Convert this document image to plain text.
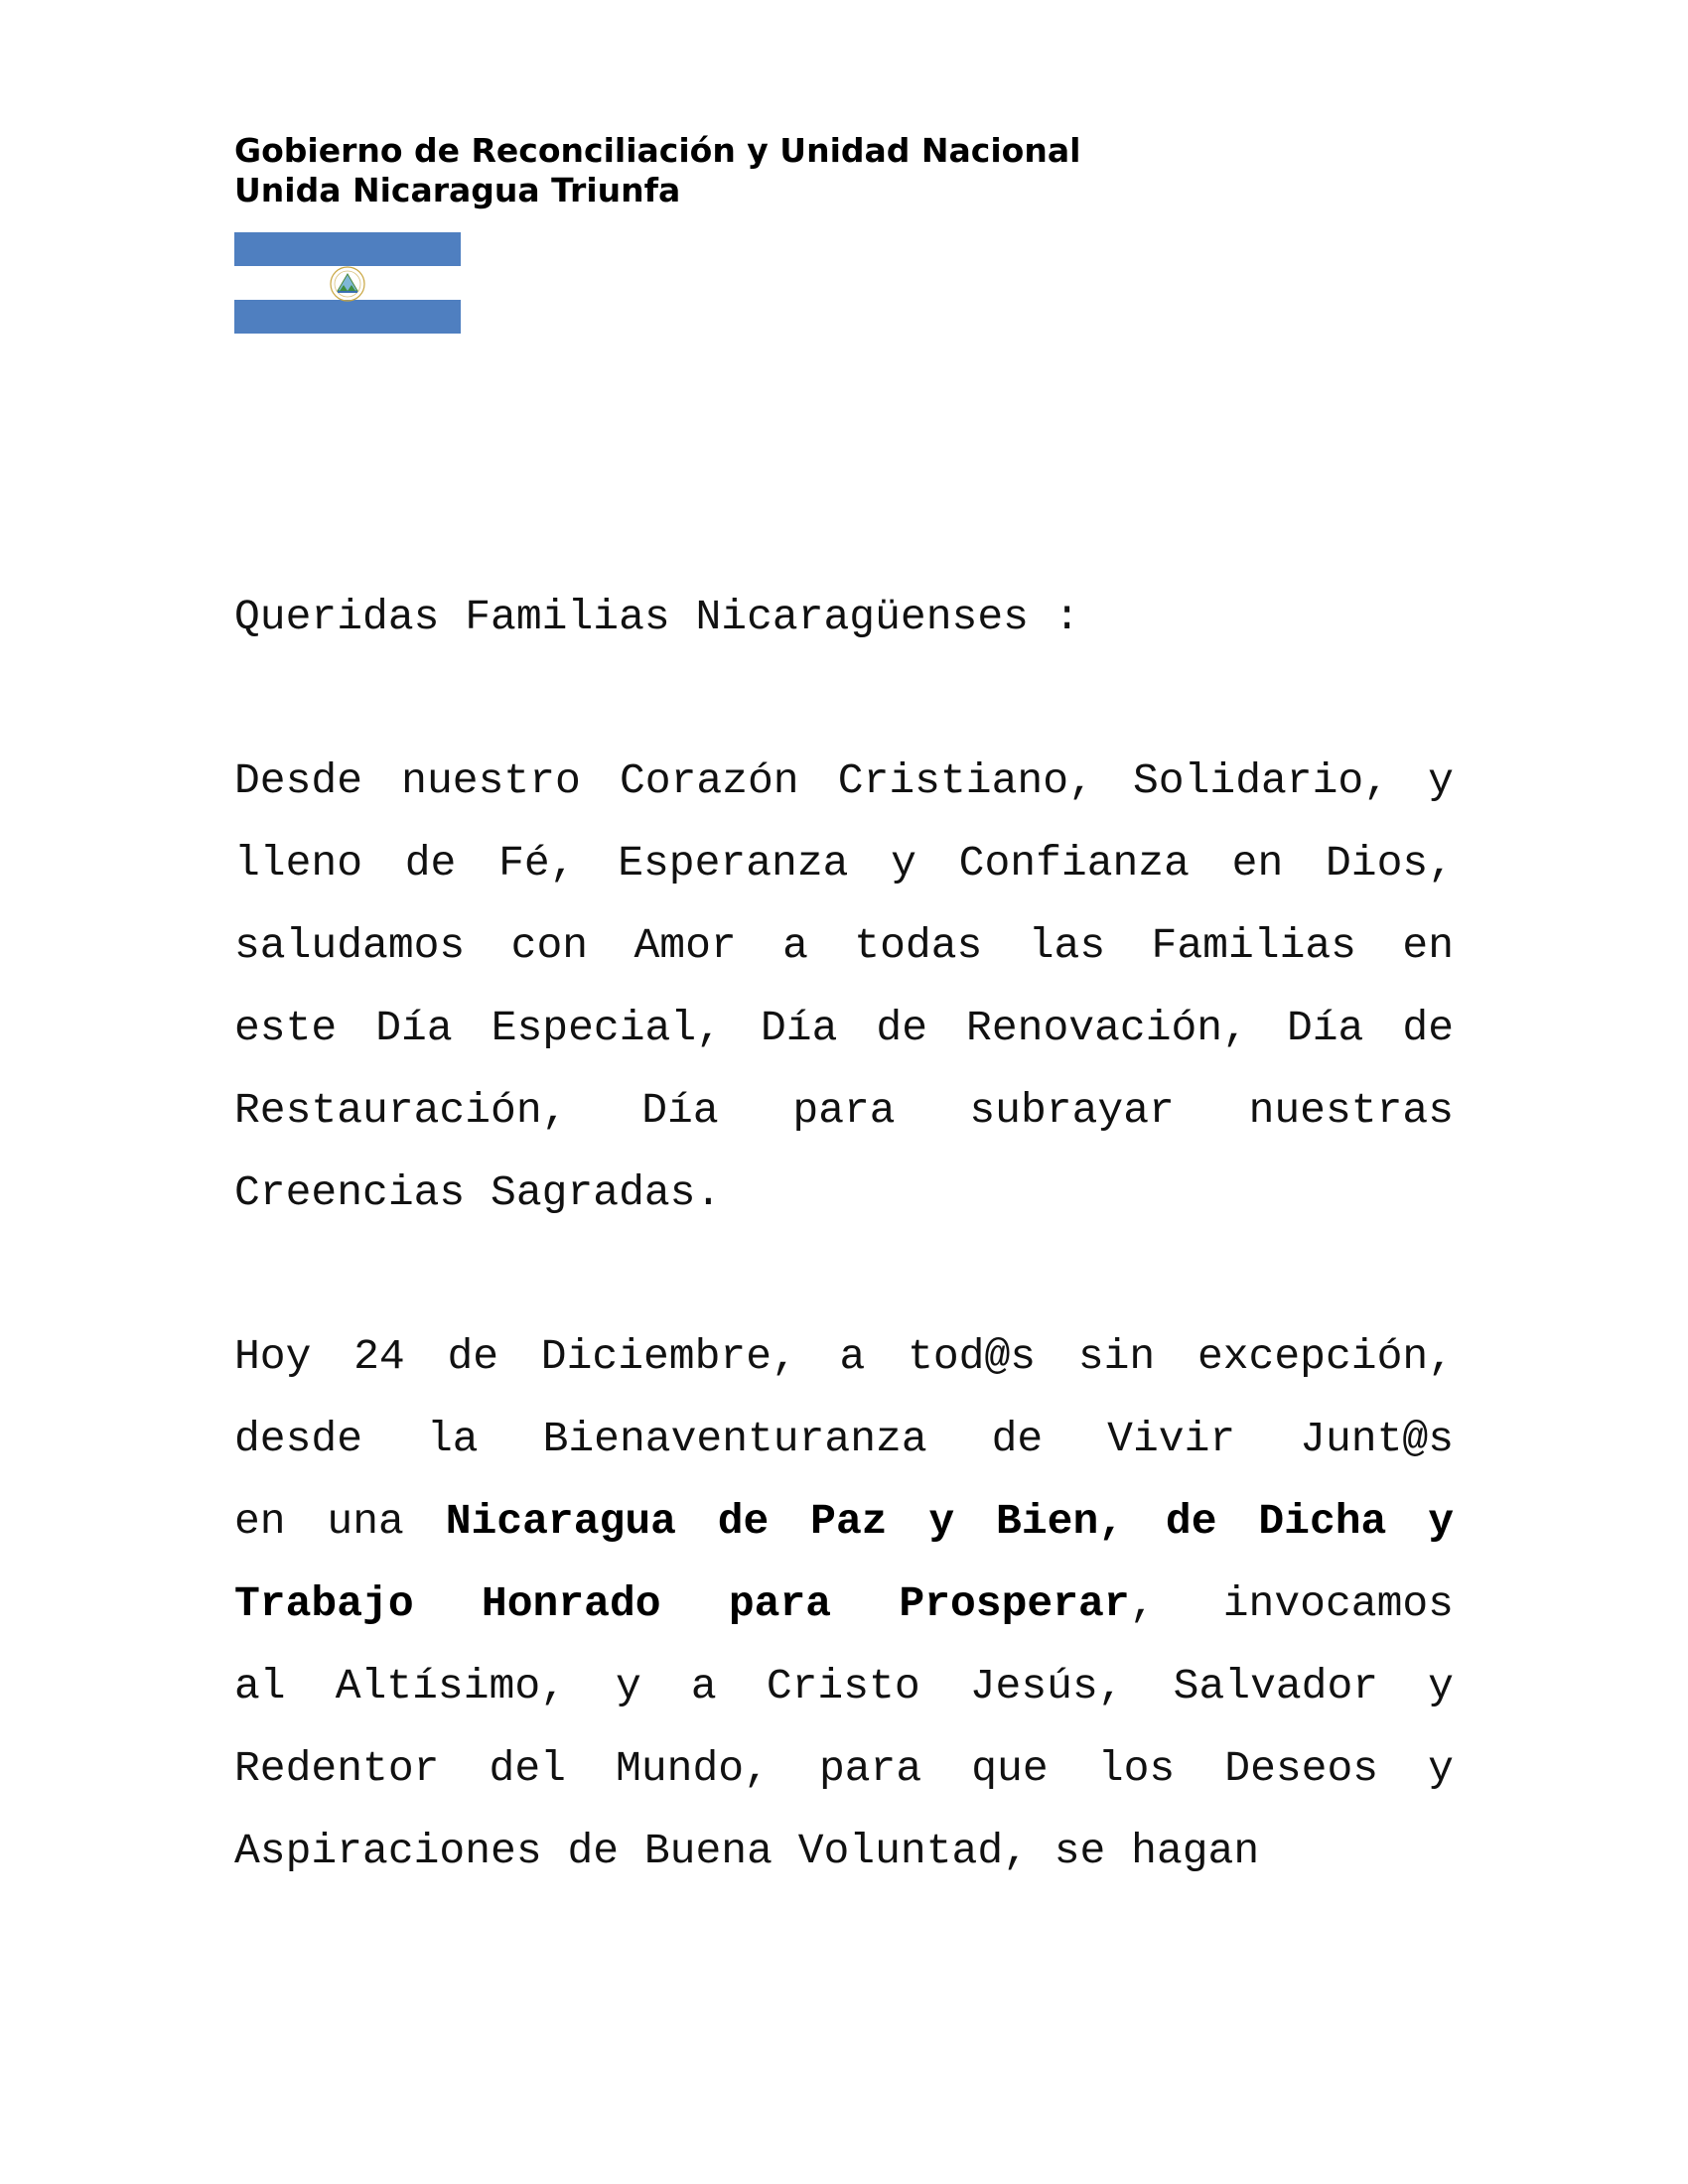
Gobierno de Reconciliación y Unidad Nacional
Unida Nicaragua Triunfa
Queridas Familias Nicaragüenses :
Desde nuestro Corazón Cristiano, Solidario, y
lleno de Fé, Esperanza y Confianza en Dios,
saludamos con Amor a todas las Familias en
este Día Especial, Día de Renovación, Día de
Restauración, Día para subrayar nuestras
Creencias Sagradas.
Hoy 24 de Diciembre, a tod@s sin excepción,
desde la Bienaventuranza de Vivir Junt@s
en una Nicaragua de Paz y Bien, de Dicha y
Trabajo Honrado para Prosperar, invocamos
al Altísimo, y a Cristo Jesús, Salvador y
Redentor del Mundo, para que los Deseos y
Aspiraciones de Buena Voluntad, se hagan
